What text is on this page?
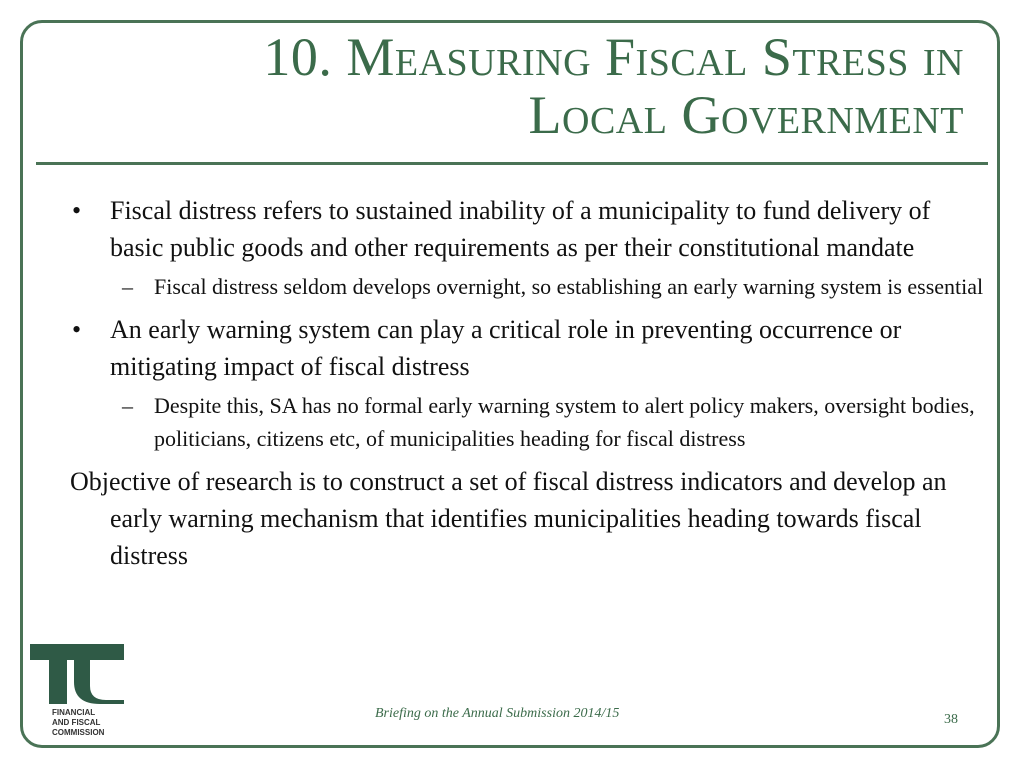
10. Measuring Fiscal Stress in
Local Government
• Fiscal distress refers to sustained inability of a municipality to fund delivery of basic public goods and other requirements as per their constitutional mandate
– Fiscal distress seldom develops overnight, so establishing an early warning system is essential
• An early warning system can play a critical role in preventing occurrence or mitigating impact of fiscal distress
– Despite this, SA has no formal early warning system to alert policy makers, oversight bodies, politicians, citizens etc, of municipalities heading for fiscal distress
Objective of research is to construct a set of fiscal distress indicators and develop an early warning mechanism that identifies municipalities heading towards fiscal distress
FINANCIAL
AND FISCAL
COMMISSION
Briefing on the Annual Submission 2014/15	38
